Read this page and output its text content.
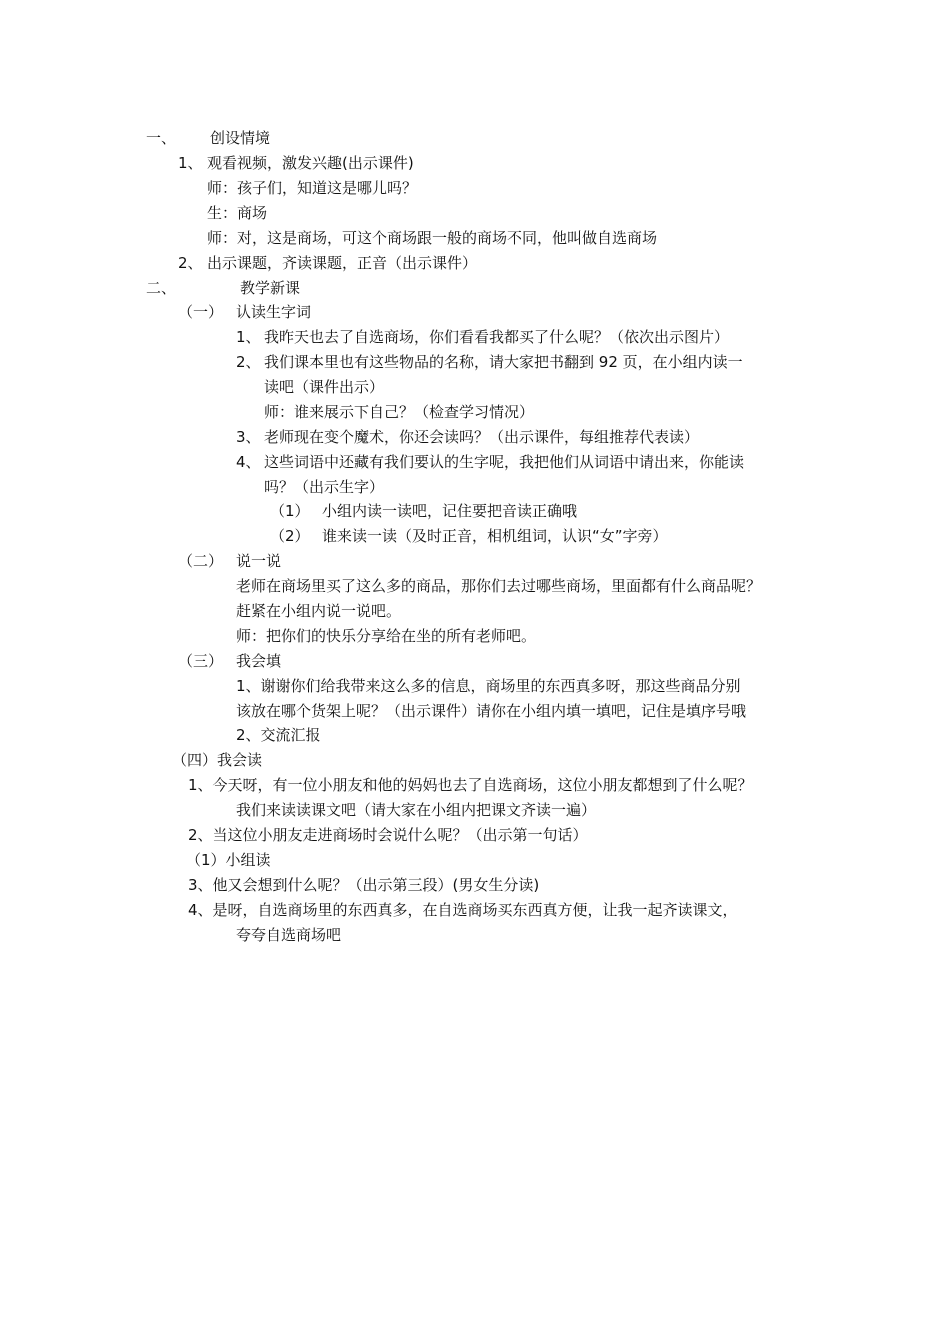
一、 创设情境
1、 观看视频，激发兴趣(出示课件)
师：孩子们，知道这是哪儿吗？
生：商场
师：对，这是商场，可这个商场跟一般的商场不同，他叫做自选商场
2、 出示课题，齐读课题，正音（出示课件）
二、	教学新课
（一） 认读生字词
1、 我昨天也去了自选商场，你们看看我都买了什么呢？（依次出示图片）
2、 我们课本里也有这些物品的名称，请大家把书翻到 92 页，在小组内读一
读吧（课件出示）
师：谁来展示下自己？（检查学习情况）
3、 老师现在变个魔术，你还会读吗？（出示课件，每组推荐代表读）
4、 这些词语中还藏有我们要认的生字呢，我把他们从词语中请出来，你能读
吗？（出示生字）
（1） 小组内读一读吧，记住要把音读正确哦
（2） 谁来读一读（及时正音，相机组词，认识“女”字旁）
（二） 说一说
老师在商场里买了这么多的商品，那你们去过哪些商场，里面都有什么商品呢？
赶紧在小组内说一说吧。
师：把你们的快乐分享给在坐的所有老师吧。
（三） 我会填
1、谢谢你们给我带来这么多的信息，商场里的东西真多呀，那这些商品分别
该放在哪个货架上呢？（出示课件）请你在小组内填一填吧，记住是填序号哦
2、交流汇报
（四）我会读
1、今天呀，有一位小朋友和他的妈妈也去了自选商场，这位小朋友都想到了什么呢？
我们来读读课文吧（请大家在小组内把课文齐读一遍）
2、当这位小朋友走进商场时会说什么呢？（出示第一句话）
（1）小组读
3、他又会想到什么呢？（出示第三段）(男女生分读)
4、是呀，自选商场里的东西真多，在自选商场买东西真方便，让我一起齐读课文，
夸夸自选商场吧
